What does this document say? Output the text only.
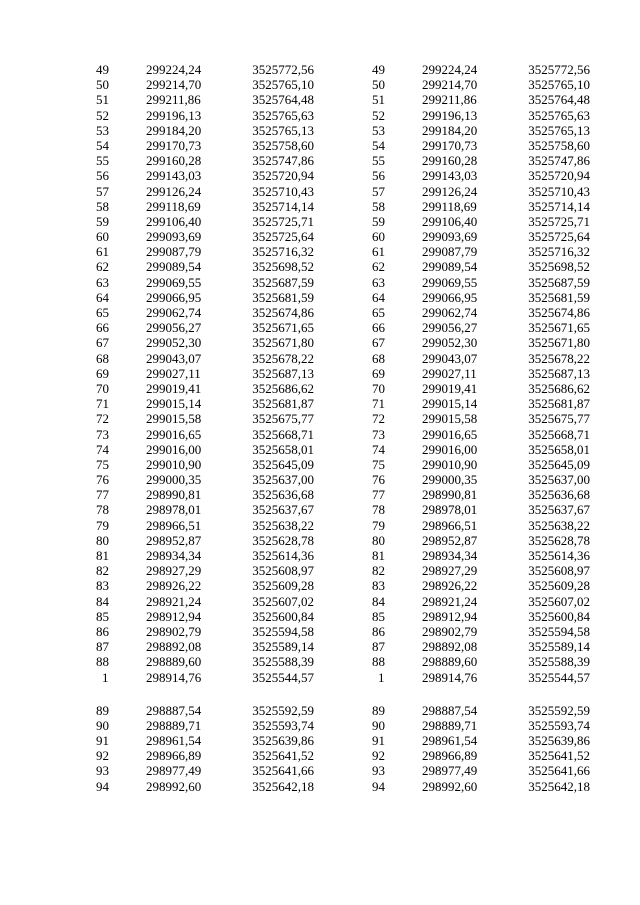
49	299224,24	3525772,56
50	299214,70	3525765,10
51	299211,86	3525764,48
52	299196,13	3525765,63
53	299184,20	3525765,13
54	299170,73	3525758,60
55	299160,28	3525747,86
56	299143,03	3525720,94
57	299126,24	3525710,43
58	299118,69	3525714,14
59	299106,40	3525725,71
60	299093,69	3525725,64
61	299087,79	3525716,32
62	299089,54	3525698,52
63	299069,55	3525687,59
64	299066,95	3525681,59
65	299062,74	3525674,86
66	299056,27	3525671,65
67	299052,30	3525671,80
68	299043,07	3525678,22
69	299027,11	3525687,13
70	299019,41	3525686,62
71	299015,14	3525681,87
72	299015,58	3525675,77
73	299016,65	3525668,71
74	299016,00	3525658,01
75	299010,90	3525645,09
76	299000,35	3525637,00
77	298990,81	3525636,68
78	298978,01	3525637,67
79	298966,51	3525638,22
80	298952,87	3525628,78
81	298934,34	3525614,36
82	298927,29	3525608,97
83	298926,22	3525609,28
84	298921,24	3525607,02
85	298912,94	3525600,84
86	298902,79	3525594,58
87	298892,08	3525589,14
88	298889,60	3525588,39
1	298914,76	3525544,57
89	298887,54	3525592,59
90	298889,71	3525593,74
91	298961,54	3525639,86
92	298966,89	3525641,52
93	298977,49	3525641,66
94	298992,60	3525642,18
49	299224,24	3525772,56
50	299214,70	3525765,10
51	299211,86	3525764,48
52	299196,13	3525765,63
53	299184,20	3525765,13
54	299170,73	3525758,60
55	299160,28	3525747,86
56	299143,03	3525720,94
57	299126,24	3525710,43
58	299118,69	3525714,14
59	299106,40	3525725,71
60	299093,69	3525725,64
61	299087,79	3525716,32
62	299089,54	3525698,52
63	299069,55	3525687,59
64	299066,95	3525681,59
65	299062,74	3525674,86
66	299056,27	3525671,65
67	299052,30	3525671,80
68	299043,07	3525678,22
69	299027,11	3525687,13
70	299019,41	3525686,62
71	299015,14	3525681,87
72	299015,58	3525675,77
73	299016,65	3525668,71
74	299016,00	3525658,01
75	299010,90	3525645,09
76	299000,35	3525637,00
77	298990,81	3525636,68
78	298978,01	3525637,67
79	298966,51	3525638,22
80	298952,87	3525628,78
81	298934,34	3525614,36
82	298927,29	3525608,97
83	298926,22	3525609,28
84	298921,24	3525607,02
85	298912,94	3525600,84
86	298902,79	3525594,58
87	298892,08	3525589,14
88	298889,60	3525588,39
1	298914,76	3525544,57
89	298887,54	3525592,59
90	298889,71	3525593,74
91	298961,54	3525639,86
92	298966,89	3525641,52
93	298977,49	3525641,66
94	298992,60	3525642,18
